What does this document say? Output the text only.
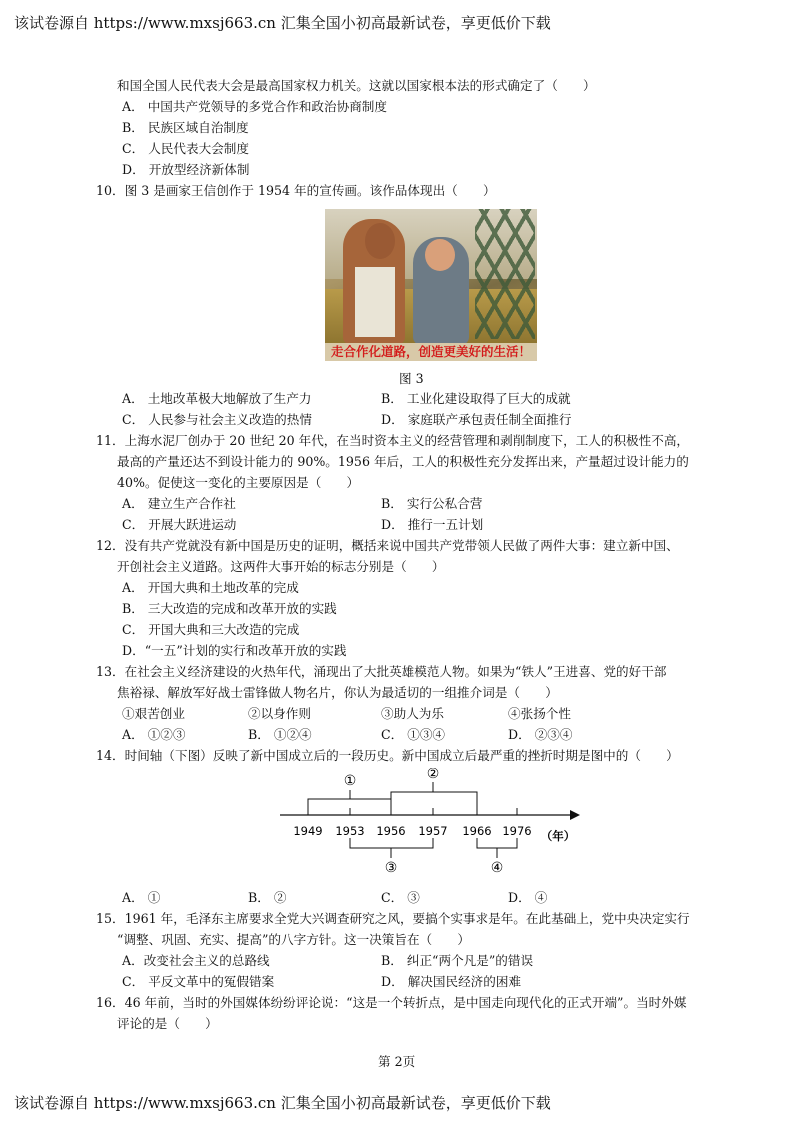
该试卷源自 https://www.mxsj663.cn 汇集全国小初高最新试卷，享更低价下载
和国全国人民代表大会是最高国家权力机关。这就以国家根本法的形式确定了（　　）
A． 中国共产党领导的多党合作和政治协商制度
B． 民族区域自治制度
C． 人民代表大会制度
D． 开放型经济新体制
10．图 3 是画家王信创作于 1954 年的宣传画。该作品体现出（　　）
走合作化道路，创造更美好的生活！
图 3
A． 土地改革极大地解放了生产力	B． 工业化建设取得了巨大的成就
C． 人民参与社会主义改造的热情	D． 家庭联产承包责任制全面推行
11．上海水泥厂创办于 20 世纪 20 年代，在当时资本主义的经营管理和剥削制度下，工人的积极性不高，
最高的产量还达不到设计能力的 90%。1956 年后，工人的积极性充分发挥出来，产量超过设计能力的
40%。促使这一变化的主要原因是（　　）
A． 建立生产合作社	B． 实行公私合营
C． 开展大跃进运动	D． 推行一五计划
12．没有共产党就没有新中国是历史的证明，概括来说中国共产党带领人民做了两件大事：建立新中国、
开创社会主义道路。这两件大事开始的标志分别是（　　）
A． 开国大典和土地改革的完成
B． 三大改造的完成和改革开放的实践
C． 开国大典和三大改造的完成
D．“一五”计划的实行和改革开放的实践
13．在社会主义经济建设的火热年代，涌现出了大批英雄模范人物。如果为“铁人”王进喜、党的好干部
焦裕禄、解放军好战士雷锋做人物名片，你认为最适切的一组推介词是（　　）
①艰苦创业	②以身作则	③助人为乐	④张扬个性
A． ①②③	B． ①②④	C． ①③④	D． ②③④
14．时间轴（下图）反映了新中国成立后的一段历史。新中国成立后最严重的挫折时期是图中的（　　）
1949 1953 1956 1957 1966 1976 （年）
①	②
③	④
A． ①	B． ②	C． ③	D． ④
15．1961 年，毛泽东主席要求全党大兴调查研究之风，要搞个实事求是年。在此基础上，党中央决定实行
“调整、巩固、充实、提高”的八字方针。这一决策旨在（　　）
A．改变社会主义的总路线	B． 纠正“两个凡是”的错误
C． 平反文革中的冤假错案	D． 解决国民经济的困难
16．46 年前，当时的外国媒体纷纷评论说：“这是一个转折点，是中国走向现代化的正式开端”。当时外媒
评论的是（　　）
第 2页
该试卷源自 https://www.mxsj663.cn 汇集全国小初高最新试卷，享更低价下载
